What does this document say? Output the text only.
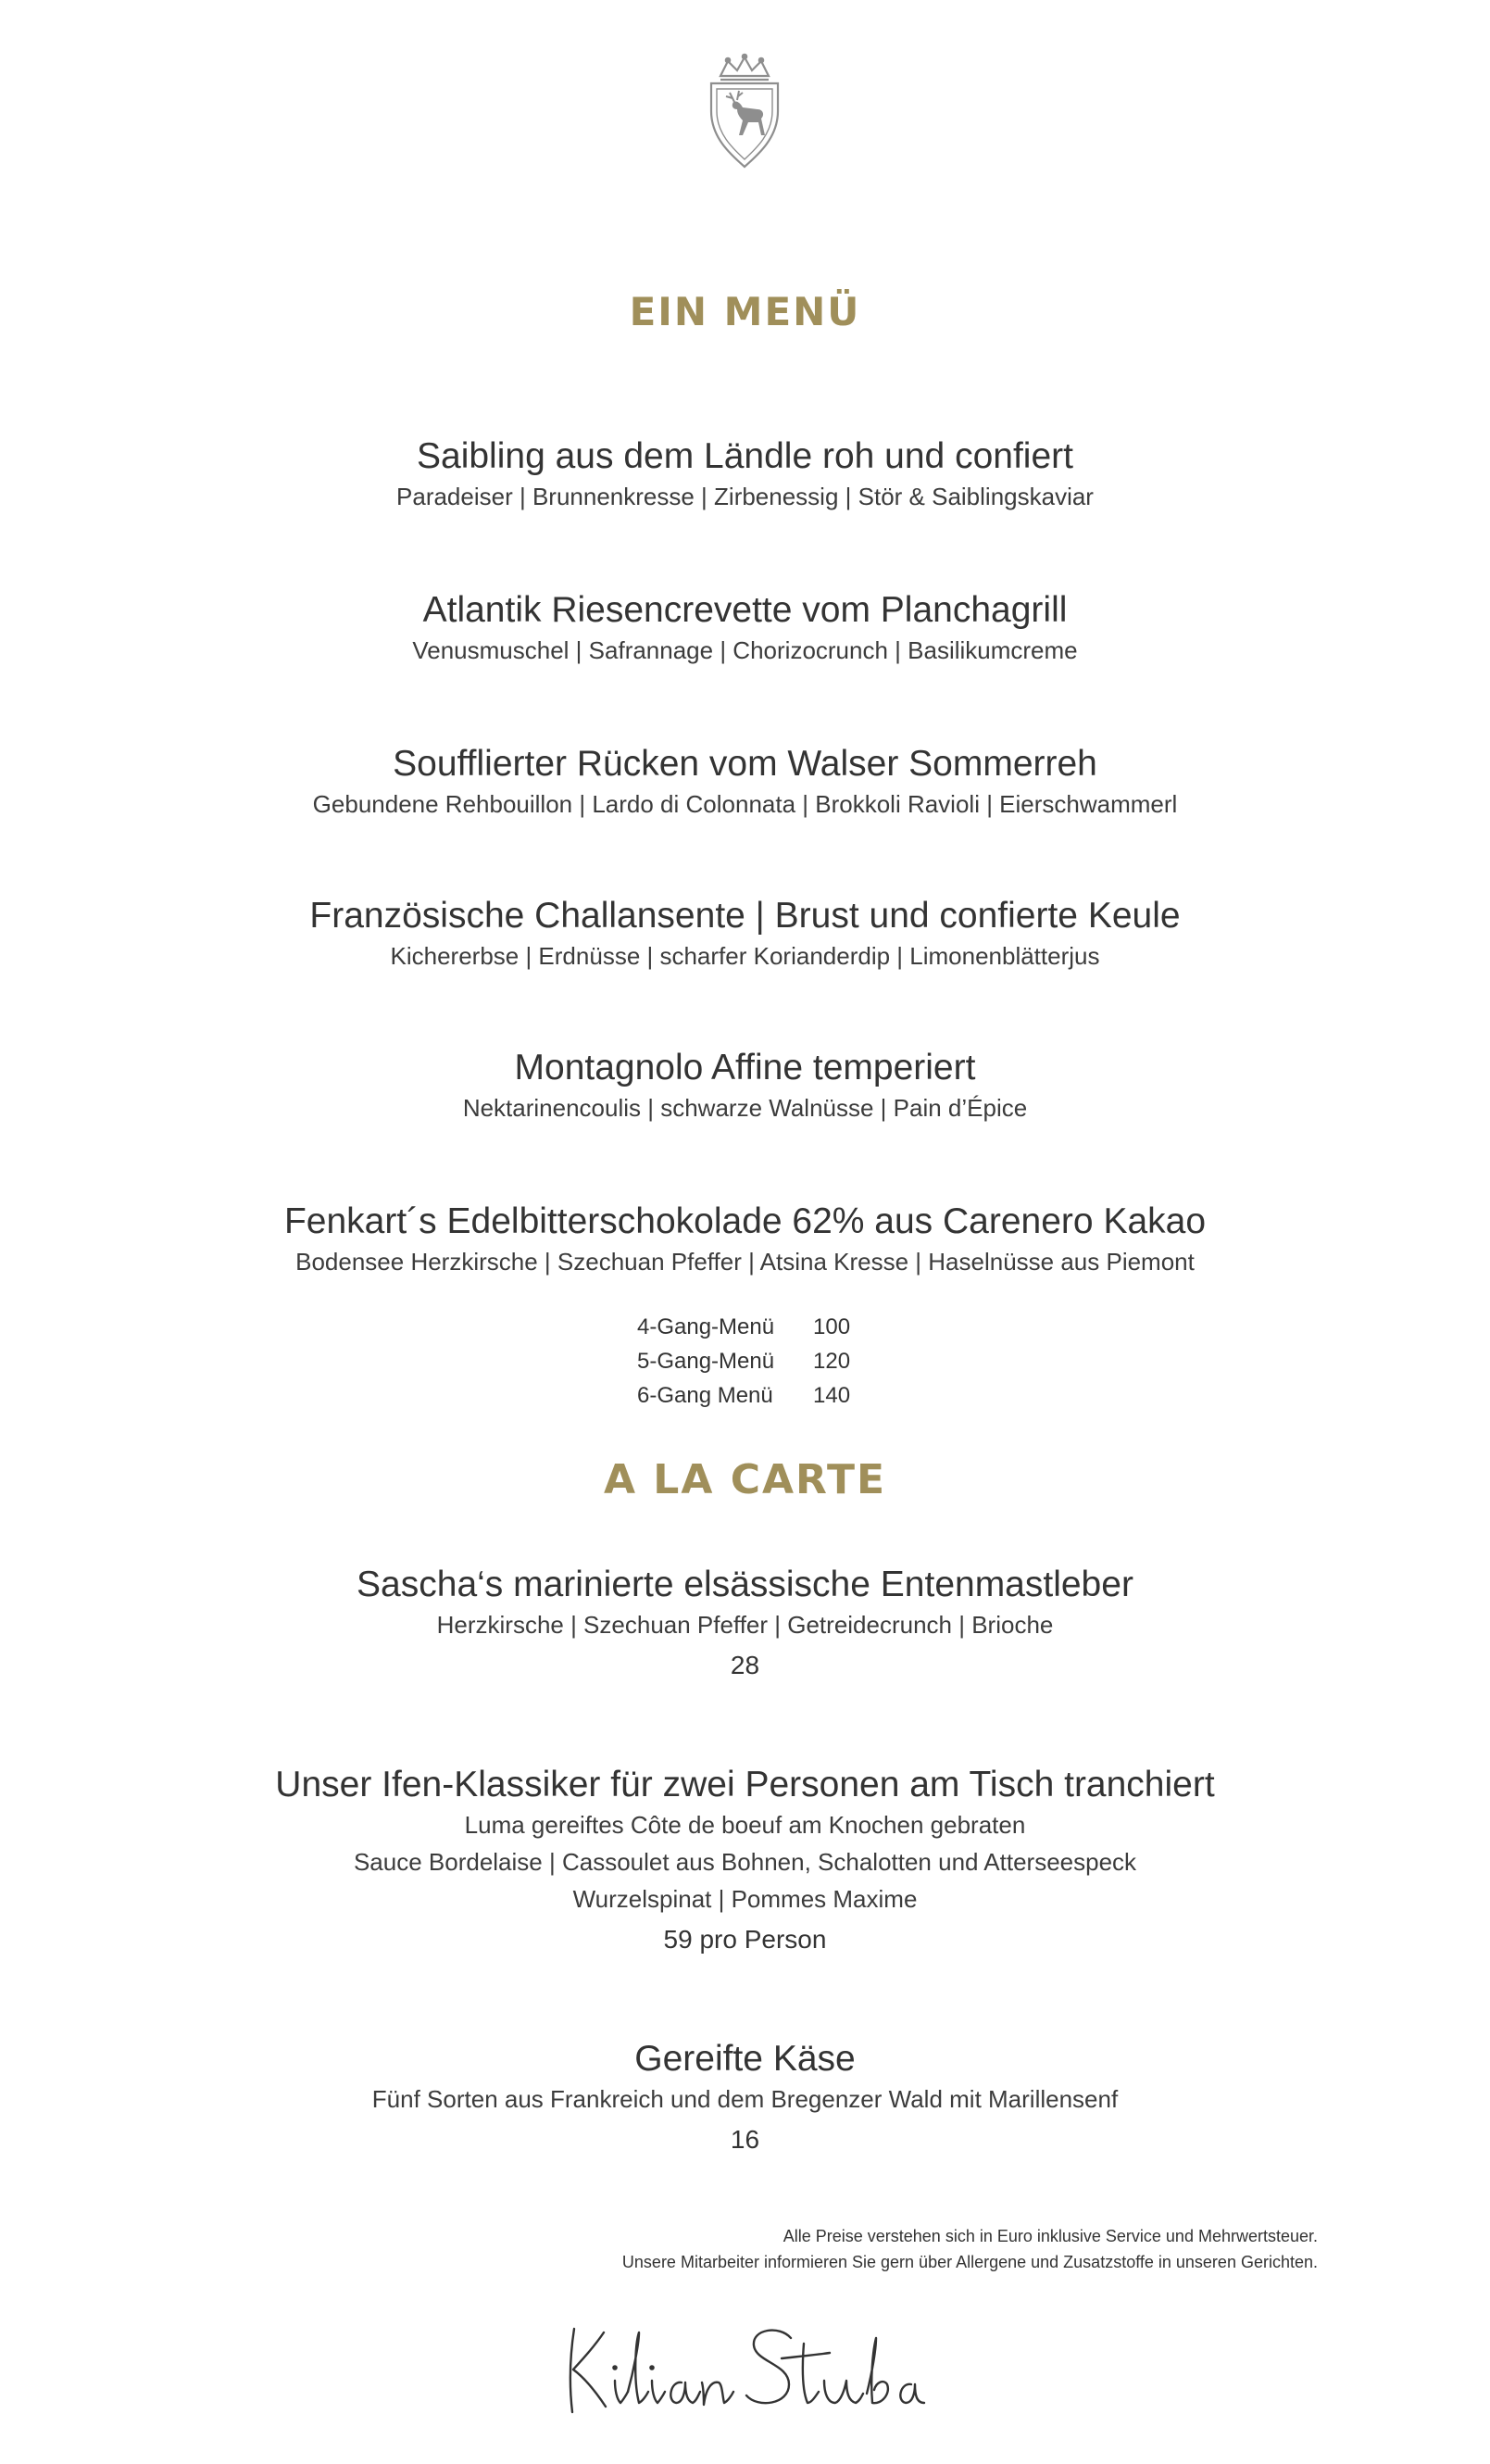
EIN MENÜ
Saibling aus dem Ländle roh und confiert
Paradeiser | Brunnenkresse | Zirbenessig | Stör & Saiblingskaviar
Atlantik Riesencrevette vom Planchagrill
Venusmuschel | Safrannage | Chorizocrunch | Basilikumcreme
Soufflierter Rücken vom Walser Sommerreh
Gebundene Rehbouillon | Lardo di Colonnata | Brokkoli Ravioli | Eierschwammerl
Französische Challansente | Brust und confierte Keule
Kichererbse | Erdnüsse | scharfer Korianderdip | Limonenblätterjus
Montagnolo Affine temperiert
Nektarinencoulis | schwarze Walnüsse | Pain d’Épice
Fenkart´s Edelbitterschokolade 62% aus Carenero Kakao
Bodensee Herzkirsche | Szechuan Pfeffer | Atsina Kresse | Haselnüsse aus Piemont
4-Gang-Menü	100
5-Gang-Menü	120
6-Gang Menü	140
A LA CARTE
Sascha‘s marinierte elsässische Entenmastleber
Herzkirsche | Szechuan Pfeffer | Getreidecrunch | Brioche
28
Unser Ifen-Klassiker für zwei Personen am Tisch tranchiert
Luma gereiftes Côte de boeuf am Knochen gebraten
Sauce Bordelaise | Cassoulet aus Bohnen, Schalotten und Atterseespeck
Wurzelspinat | Pommes Maxime
59 pro Person
Gereifte Käse
Fünf Sorten aus Frankreich und dem Bregenzer Wald mit Marillensenf
16
Alle Preise verstehen sich in Euro inklusive Service und Mehrwertsteuer.
Unsere Mitarbeiter informieren Sie gern über Allergene und Zusatzstoffe in unseren Gerichten.
